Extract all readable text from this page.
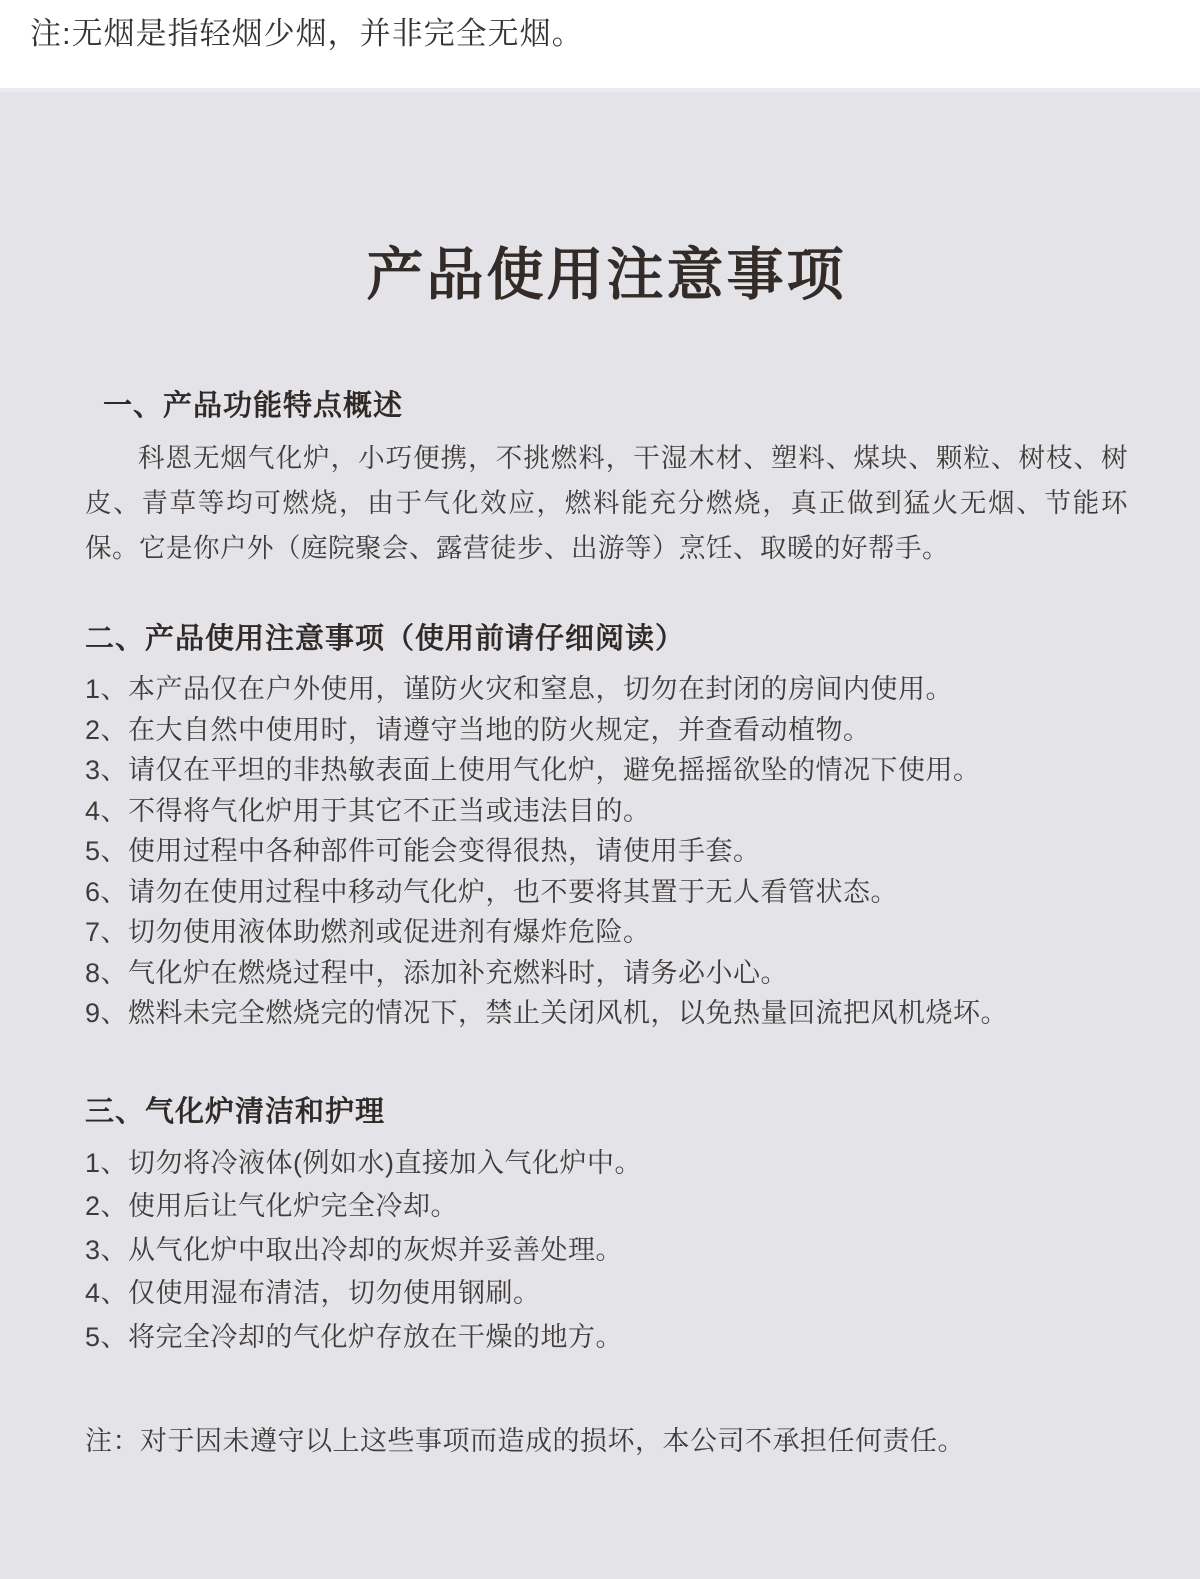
注:无烟是指轻烟少烟，并非完全无烟。
产品使用注意事项
一、产品功能特点概述

科恩无烟气化炉，小巧便携，不挑燃料，干湿木材、塑料、煤块、颗粒、树枝、树皮、青草等均可燃烧，由于气化效应，燃料能充分燃烧，真正做到猛火无烟、节能环保。它是你户外（庭院聚会、露营徒步、出游等）烹饪、取暖的好帮手。

二、产品使用注意事项（使用前请仔细阅读）
1、本产品仅在户外使用，谨防火灾和窒息，切勿在封闭的房间内使用。
2、在大自然中使用时，请遵守当地的防火规定，并查看动植物。
3、请仅在平坦的非热敏表面上使用气化炉，避免摇摇欲坠的情况下使用。
4、不得将气化炉用于其它不正当或违法目的。
5、使用过程中各种部件可能会变得很热，请使用手套。
6、请勿在使用过程中移动气化炉，也不要将其置于无人看管状态。
7、切勿使用液体助燃剂或促进剂有爆炸危险。
8、气化炉在燃烧过程中，添加补充燃料时，请务必小心。
9、燃料未完全燃烧完的情况下，禁止关闭风机，以免热量回流把风机烧坏。
三、气化炉清洁和护理
1、切勿将冷液体(例如水)直接加入气化炉中。
2、使用后让气化炉完全冷却。
3、从气化炉中取出冷却的灰烬并妥善处理。
4、仅使用湿布清洁，切勿使用钢刷。
5、将完全冷却的气化炉存放在干燥的地方。
注：对于因未遵守以上这些事项而造成的损坏，本公司不承担任何责任。
